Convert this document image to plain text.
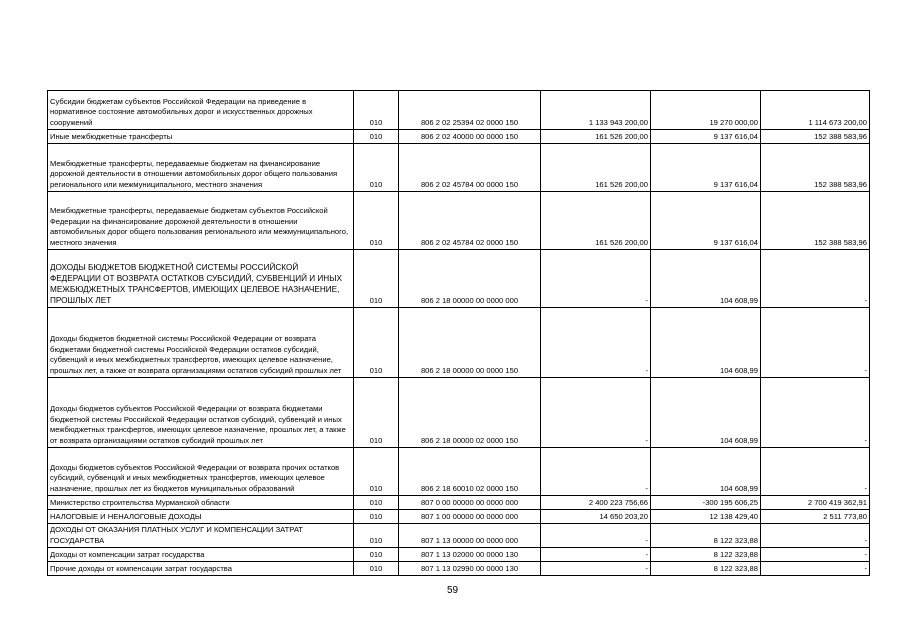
Субсидии бюджетам субъектов Российской Федерации на приведение в нормативное состояние автомобильных дорог и искусственных дорожных сооружений	010	806 2 02 25394 02 0000 150	1 133 943 200,00	19 270 000,00	1 114 673 200,00
Иные межбюджетные трансферты	010	806 2 02 40000 00 0000 150	161 526 200,00	9 137 616,04	152 388 583,96
Межбюджетные трансферты, передаваемые бюджетам на финансирование дорожной деятельности в отношении автомобильных дорог общего пользования регионального или межмуниципального, местного значения	010	806 2 02 45784 00 0000 150	161 526 200,00	9 137 616,04	152 388 583,96
Межбюджетные трансферты, передаваемые бюджетам субъектов Российской Федерации на финансирование дорожной деятельности в отношении автомобильных дорог общего пользования регионального или межмуниципального, местного значения	010	806 2 02 45784 02 0000 150	161 526 200,00	9 137 616,04	152 388 583,96
ДОХОДЫ БЮДЖЕТОВ БЮДЖЕТНОЙ СИСТЕМЫ РОССИЙСКОЙ ФЕДЕРАЦИИ ОТ ВОЗВРАТА ОСТАТКОВ СУБСИДИЙ, СУБВЕНЦИЙ И ИНЫХ МЕЖБЮДЖЕТНЫХ ТРАНСФЕРТОВ, ИМЕЮЩИХ ЦЕЛЕВОЕ НАЗНАЧЕНИЕ, ПРОШЛЫХ ЛЕТ	010	806 2 18 00000 00 0000 000	-	104 608,99	-
Доходы бюджетов бюджетной системы Российской Федерации от возврата бюджетами бюджетной системы Российской Федерации остатков субсидий, субвенций и иных межбюджетных трансфертов, имеющих целевое назначение, прошлых лет, а также от возврата организациями остатков субсидий прошлых лет	010	806 2 18 00000 00 0000 150	-	104 608,99	-
Доходы бюджетов субъектов Российской Федерации от возврата бюджетами бюджетной системы Российской Федерации остатков субсидий, субвенций и иных межбюджетных трансфертов, имеющих целевое назначение, прошлых лет, а также от возврата организациями остатков субсидий прошлых лет	010	806 2 18 00000 02 0000 150	-	104 608,99	-
Доходы бюджетов субъектов Российской Федерации от возврата прочих остатков субсидий, субвенций и иных межбюджетных трансфертов, имеющих целевое назначение, прошлых лет из бюджетов муниципальных образований	010	806 2 18 60010 02 0000 150	-	104 608,99	-
Министерство строительства Мурманской области	010	807 0 00 00000 00 0000 000	2 400 223 756,66	-300 195 606,25	2 700 419 362,91
НАЛОГОВЫЕ И НЕНАЛОГОВЫЕ ДОХОДЫ	010	807 1 00 00000 00 0000 000	14 650 203,20	12 138 429,40	2 511 773,80
ДОХОДЫ ОТ ОКАЗАНИЯ ПЛАТНЫХ УСЛУГ И КОМПЕНСАЦИИ ЗАТРАТ ГОСУДАРСТВА	010	807 1 13 00000 00 0000 000	-	8 122 323,88	-
Доходы от компенсации затрат государства	010	807 1 13 02000 00 0000 130	-	8 122 323,88	-
Прочие доходы от компенсации затрат государства	010	807 1 13 02990 00 0000 130	-	8 122 323,88	-
59
